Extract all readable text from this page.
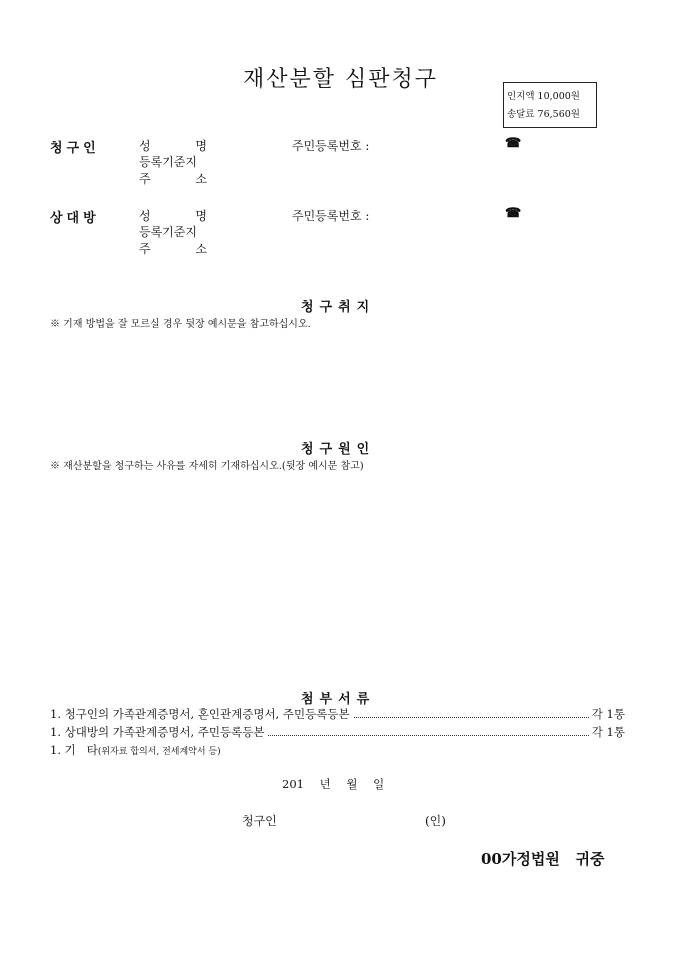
재산분할 심판청구
인지액 10,000원
송달료 76,560원
청구인	성	명
등록기준지
주	소
주민등록번호 :	☎
상대방	성	명
등록기준지
주	소
주민등록번호 :	☎
청구취지
※ 기재 방법을 잘 모르실 경우 뒷장 예시문을 참고하십시오.
청구원인
※ 재산분할을 청구하는 사유를 자세히 기재하십시오.(뒷장 예시문 참고)
첨부서류
1. 청구인의 가족관계증명서, 혼인관계증명서, 주민등록등본	각 1통
1. 상대방의 가족관계증명서, 주민등록등본	각 1통
1. 기   타(위자료 합의서, 전세계약서 등)
201 년 월 일
청구인	(인)
00가정법원   귀중
